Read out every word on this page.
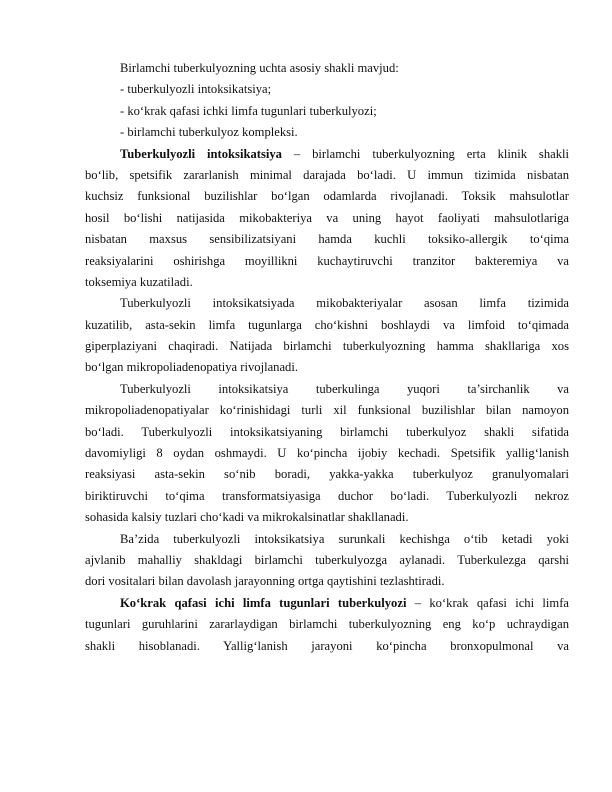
Birlamchi tuberkulyozning uchta asosiy shakli mavjud:
- tuberkulyozli intoksikatsiya;
- ko‘krak qafasi ichki limfa tugunlari tuberkulyozi;
- birlamchi tuberkulyoz kompleksi.
Tuberkulyozli intoksikatsiya – birlamchi tuberkulyozning erta klinik shakli
bo‘lib, spetsifik zararlanish minimal darajada bo‘ladi. U immun tizimida nisbatan
kuchsiz funksional buzilishlar bo‘lgan odamlarda rivojlanadi. Toksik mahsulotlar
hosil bo‘lishi natijasida mikobakteriya va uning hayot faoliyati mahsulotlariga
nisbatan maxsus sensibilizatsiyani hamda kuchli toksiko-allergik to‘qima
reaksiyalarini oshirishga moyillikni kuchaytiruvchi tranzitor bakteremiya va
toksemiya kuzatiladi.
Tuberkulyozli intoksikatsiyada mikobakteriyalar asosan limfa tizimida
kuzatilib, asta-sekin limfa tugunlarga cho‘kishni boshlaydi va limfoid to‘qimada
giperplaziyani chaqiradi. Natijada birlamchi tuberkulyozning hamma shakllariga xos
bo‘lgan mikropoliadenopatiya rivojlanadi.
Tuberkulyozli intoksikatsiya tuberkulinga yuqori ta’sirchanlik va
mikropoliadenopatiyalar ko‘rinishidagi turli xil funksional buzilishlar bilan namoyon
bo‘ladi. Tuberkulyozli intoksikatsiyaning birlamchi tuberkulyoz shakli sifatida
davomiyligi 8 oydan oshmaydi. U ko‘pincha ijobiy kechadi. Spetsifik yallig‘lanish
reaksiyasi asta-sekin so‘nib boradi, yakka-yakka tuberkulyoz granulyomalari
biriktiruvchi to‘qima transformatsiyasiga duchor bo‘ladi. Tuberkulyozli nekroz
sohasida kalsiy tuzlari cho‘kadi va mikrokalsinatlar shakllanadi.
Ba’zida tuberkulyozli intoksikatsiya surunkali kechishga o‘tib ketadi yoki
ajvlanib mahalliy shakldagi birlamchi tuberkulyozga aylanadi. Tuberkulezga qarshi
dori vositalari bilan davolash jarayonning ortga qaytishini tezlashtiradi.
Ko‘krak qafasi ichi limfa tugunlari tuberkulyozi – ko‘krak qafasi ichi limfa
tugunlari guruhlarini zararlaydigan birlamchi tuberkulyozning eng ko‘p uchraydigan
shakli hisoblanadi. Yallig‘lanish jarayoni ko‘pincha bronxopulmonal va
